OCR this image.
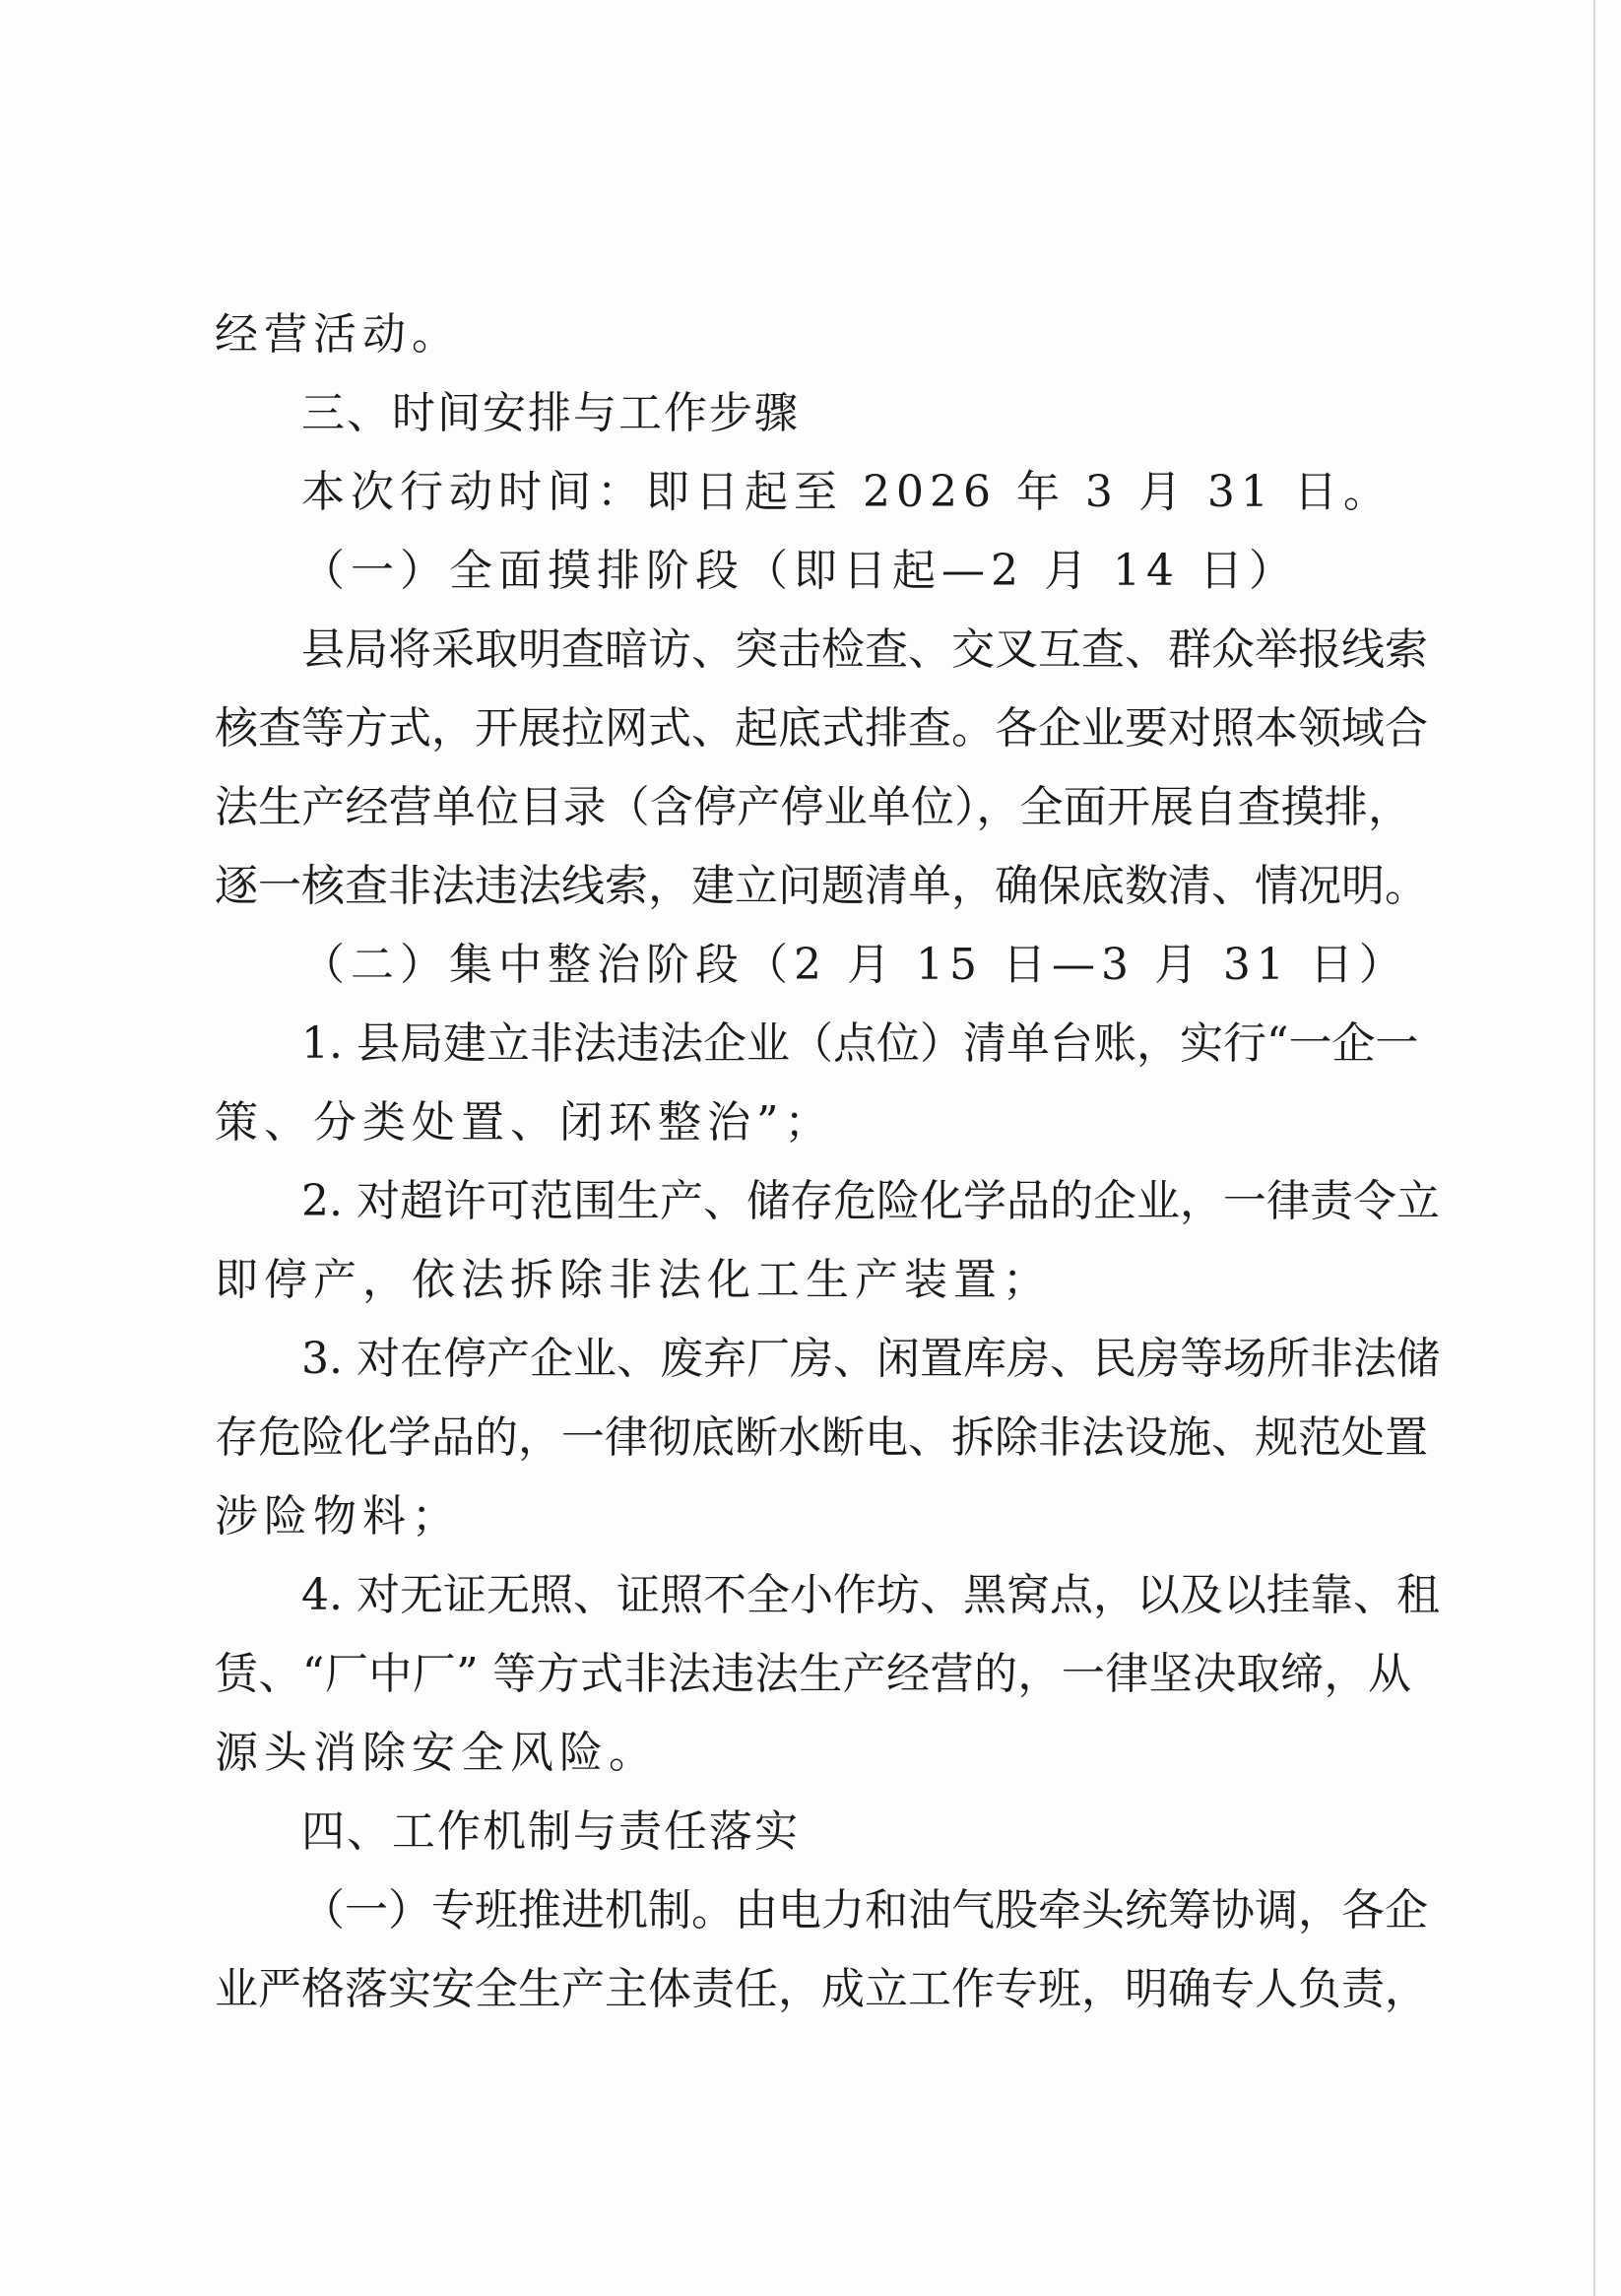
经营活动。
三、时间安排与工作步骤
本次行动时间：即日起至 2026 年 3 月 31 日。
（一）全面摸排阶段（即日起—2 月 14 日）
县局将采取明查暗访、突击检查、交叉互查、群众举报线索
核查等方式，开展拉网式、起底式排查。各企业要对照本领域合
法生产经营单位目录（含停产停业单位），全面开展自查摸排，
逐一核查非法违法线索，建立问题清单，确保底数清、情况明。
（二）集中整治阶段（2 月 15 日—3 月 31 日）
1. 县局建立非法违法企业（点位）清单台账，实行“一企一
策、分类处置、闭环整治”；
2. 对超许可范围生产、储存危险化学品的企业，一律责令立
即停产，依法拆除非法化工生产装置；
3. 对在停产企业、废弃厂房、闲置库房、民房等场所非法储
存危险化学品的，一律彻底断水断电、拆除非法设施、规范处置
涉险物料；
4. 对无证无照、证照不全小作坊、黑窝点，以及以挂靠、租
赁、“厂中厂” 等方式非法违法生产经营的，一律坚决取缔，从
源头消除安全风险。
四、工作机制与责任落实
（一）专班推进机制。由电力和油气股牵头统筹协调，各企
业严格落实安全生产主体责任，成立工作专班，明确专人负责，
